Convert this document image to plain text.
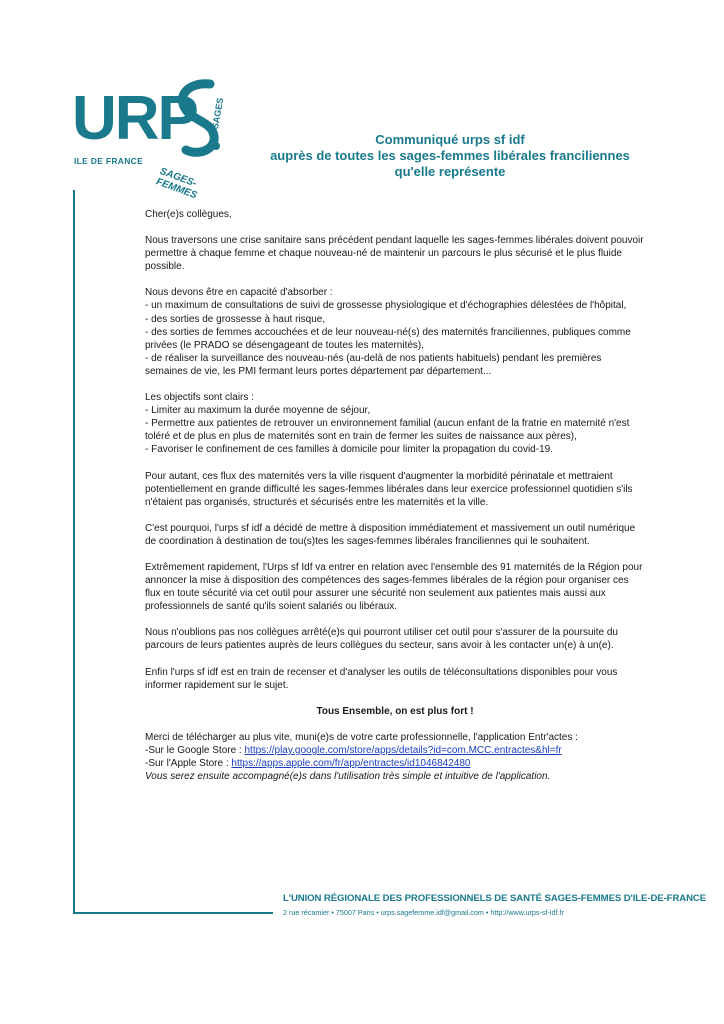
URP
ILE DE FRANCE
SAGES
SAGES-FEMMES
Communiqué urps sf idf
auprès de toutes les sages-femmes libérales franciliennes
qu'elle représente

Cher(e)s collègues,

Nous traversons une crise sanitaire sans précédent pendant laquelle les sages-femmes libérales doivent pouvoir permettre à chaque femme et chaque nouveau-né de maintenir un parcours le plus sécurisé et le plus fluide possible.

Nous devons être en capacité d'absorber :
- un maximum de consultations de suivi de grossesse physiologique et d'échographies délestées de l'hôpital,
- des sorties de grossesse à haut risque,
- des sorties de femmes accouchées et de leur nouveau-né(s) des maternités franciliennes, publiques comme privées (le PRADO se désengageant de toutes les maternités),
- de réaliser la surveillance des nouveau-nés (au-delà de nos patients habituels) pendant les premières semaines de vie, les PMI fermant leurs portes département par département...

Les objectifs sont clairs :
- Limiter au maximum la durée moyenne de séjour,
- Permettre aux patientes de retrouver un environnement familial (aucun enfant de la fratrie en maternité n'est toléré et de plus en plus de maternités sont en train de fermer les suites de naissance aux pères),
- Favoriser le confinement de ces familles à domicile pour limiter la propagation du covid-19.

Pour autant, ces flux des maternités vers la ville risquent d'augmenter la morbidité périnatale et mettraient potentiellement en grande difficulté les sages-femmes libérales dans leur exercice professionnel quotidien s'ils n'étaient pas organisés, structurés et sécurisés entre les maternités et la ville.

C'est pourquoi, l'urps sf idf a décidé de mettre à disposition immédiatement et massivement un outil numérique de coordination à destination de tou(s)tes les sages-femmes libérales franciliennes qui le souhaitent.

Extrêmement rapidement, l'Urps sf Idf va entrer en relation avec l'ensemble des 91 maternités de la Région pour annoncer la mise à disposition des compétences des sages-femmes libérales de la région pour organiser ces flux en toute sécurité via cet outil pour assurer une sécurité non seulement aux patientes mais aussi aux professionnels de santé qu'ils soient salariés ou libéraux.

Nous n'oublions pas nos collègues arrêté(e)s qui pourront utiliser cet outil pour s'assurer de la poursuite du parcours de leurs patientes auprès de leurs collègues du secteur, sans avoir à les contacter un(e) à un(e).

Enfin l'urps sf idf est en train de recenser et d'analyser les outils de téléconsultations disponibles pour vous informer rapidement sur le sujet.

Tous Ensemble, on est plus fort !

Merci de télécharger au plus vite, muni(e)s de votre carte professionnelle, l'application Entr'actes :
-Sur le Google Store : https://play.google.com/store/apps/details?id=com.MCC.entractes&hl=fr
-Sur l'Apple Store : https://apps.apple.com/fr/app/entractes/id1046842480
Vous serez ensuite accompagné(e)s dans l'utilisation très simple et intuitive de l'application.

L'UNION RÉGIONALE DES PROFESSIONNELS DE SANTÉ SAGES-FEMMES D'ILE-DE-FRANCE
2 rue récamier • 75007 Paris • urps.sagefemme.idf@gmail.com • http://www.urps-sf-idf.fr
